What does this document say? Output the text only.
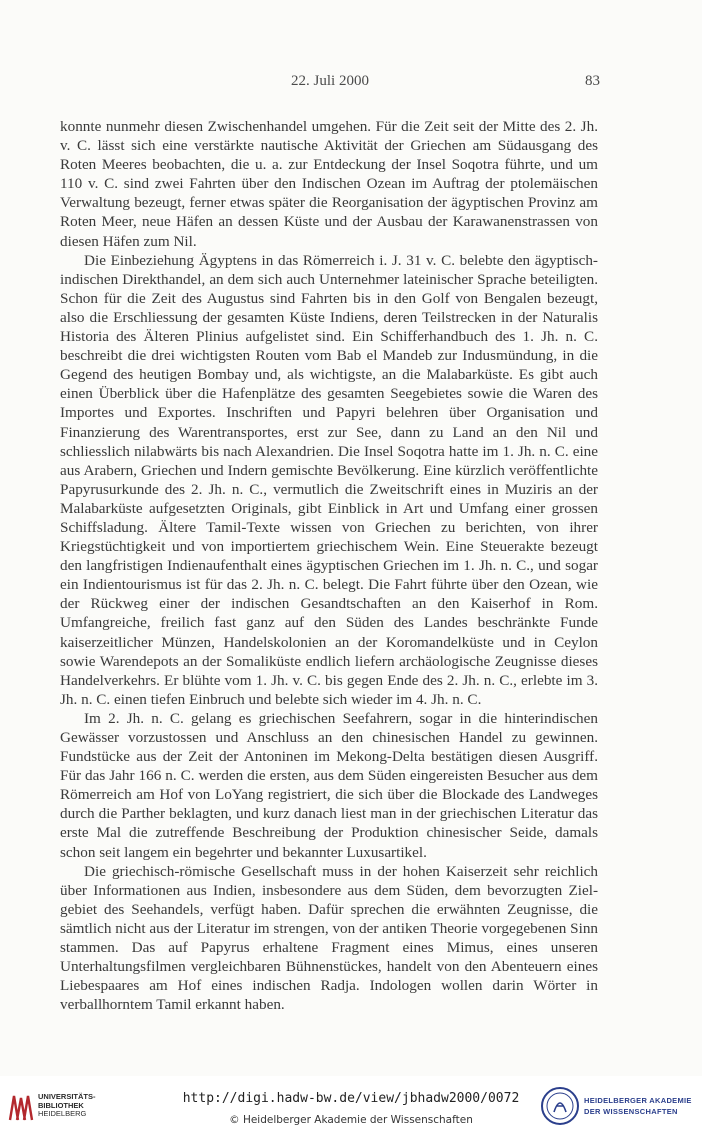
22. Juli 2000	83

konnte nunmehr diesen Zwischenhandel umgehen. Für die Zeit seit der Mitte des 2. Jh. v. C. lässt sich eine verstärkte nautische Aktivität der Griechen am Südausgang des Roten Meeres beobachten, die u. a. zur Entdeckung der Insel Soqotra führte, und um 110 v. C. sind zwei Fahrten über den Indischen Ozean im Auftrag der ptolemäischen Verwaltung bezeugt, ferner etwas später die Reorganisation der ägyptischen Provinz am Roten Meer, neue Häfen an dessen Küste und der Ausbau der Karawanenstrassen von diesen Häfen zum Nil.

Die Einbeziehung Ägyptens in das Römerreich i. J. 31 v. C. belebte den ägyptisch-indischen Direkthandel, an dem sich auch Unternehmer lateinischer Sprache beteiligten. Schon für die Zeit des Augustus sind Fahrten bis in den Golf von Bengalen bezeugt, also die Erschliessung der gesamten Küste Indiens, deren Teilstrecken in der Naturalis Historia des Älteren Plinius aufgelistet sind. Ein Schifferhandbuch des 1. Jh. n. C. beschreibt die drei wichtigsten Routen vom Bab el Mandeb zur Indusmündung, in die Gegend des heutigen Bombay und, als wichtigste, an die Malabarküste. Es gibt auch einen Überblick über die Hafenplätze des gesamten Seegebietes sowie die Waren des Importes und Exportes. Inschriften und Papyri belehren über Organisation und Finanzierung des Warentransportes, erst zur See, dann zu Land an den Nil und schliesslich nilabwärts bis nach Alexandrien. Die Insel Soqotra hatte im 1. Jh. n. C. eine aus Arabern, Griechen und Indern gemischte Bevölkerung. Eine kürzlich veröffentlichte Papyrusurkunde des 2. Jh. n. C., vermutlich die Zweitschrift eines in Muziris an der Malabarküste aufgesetzten Originals, gibt Einblick in Art und Umfang einer grossen Schiffsladung. Ältere Tamil-Texte wissen von Griechen zu berichten, von ihrer Kriegstüchtigkeit und von importiertem griechischem Wein. Eine Steuerakte bezeugt den langfristigen Indienaufenthalt eines ägyptischen Griechen im 1. Jh. n. C., und sogar ein Indientourismus ist für das 2. Jh. n. C. belegt. Die Fahrt führte über den Ozean, wie der Rückweg einer der indischen Gesandtschaften an den Kaiserhof in Rom. Umfangreiche, freilich fast ganz auf den Süden des Landes beschränkte Funde kaiserzeitlicher Münzen, Handelskolonien an der Koromandelküste und in Ceylon sowie Warendepots an der Somaliküste endlich liefern archäologische Zeugnisse dieses Handelverkehrs. Er blühte vom 1. Jh. v. C. bis gegen Ende des 2. Jh. n. C., erlebte im 3. Jh. n. C. einen tiefen Einbruch und belebte sich wieder im 4. Jh. n. C.

Im 2. Jh. n. C. gelang es griechischen Seefahrern, sogar in die hinterindischen Gewässer vorzustossen und Anschluss an den chinesischen Handel zu gewinnen. Fundstücke aus der Zeit der Antoninen im Mekong-Delta bestätigen diesen Ausgriff. Für das Jahr 166 n. C. werden die ersten, aus dem Süden eingereisten Besucher aus dem Römerreich am Hof von LoYang registriert, die sich über die Blockade des Landweges durch die Parther beklagten, und kurz danach liest man in der griechischen Literatur das erste Mal die zutreffende Beschreibung der Produktion chinesischer Seide, damals schon seit langem ein begehrter und bekannter Luxusartikel.

Die griechisch-römische Gesellschaft muss in der hohen Kaiserzeit sehr reichlich über Informationen aus Indien, insbesondere aus dem Süden, dem bevorzugten Zielgebiet des Seehandels, verfügt haben. Dafür sprechen die erwähnten Zeugnisse, die sämtlich nicht aus der Literatur im strengen, von der antiken Theorie vorgegebenen Sinn stammen. Das auf Papyrus erhaltene Fragment eines Mimus, eines unseren Unterhaltungsfilmen vergleichbaren Bühnenstückes, handelt von den Abenteuern eines Liebespaares am Hof eines indischen Radja. Indologen wollen darin Wörter in verballhorntem Tamil erkannt haben.

UNIVERSITÄTS-
BIBLIOTHEK
HEIDELBERG
http://digi.hadw-bw.de/view/jbhadw2000/0072
© Heidelberger Akademie der Wissenschaften
HEIDELBERGER AKADEMIE
DER WISSENSCHAFTEN
